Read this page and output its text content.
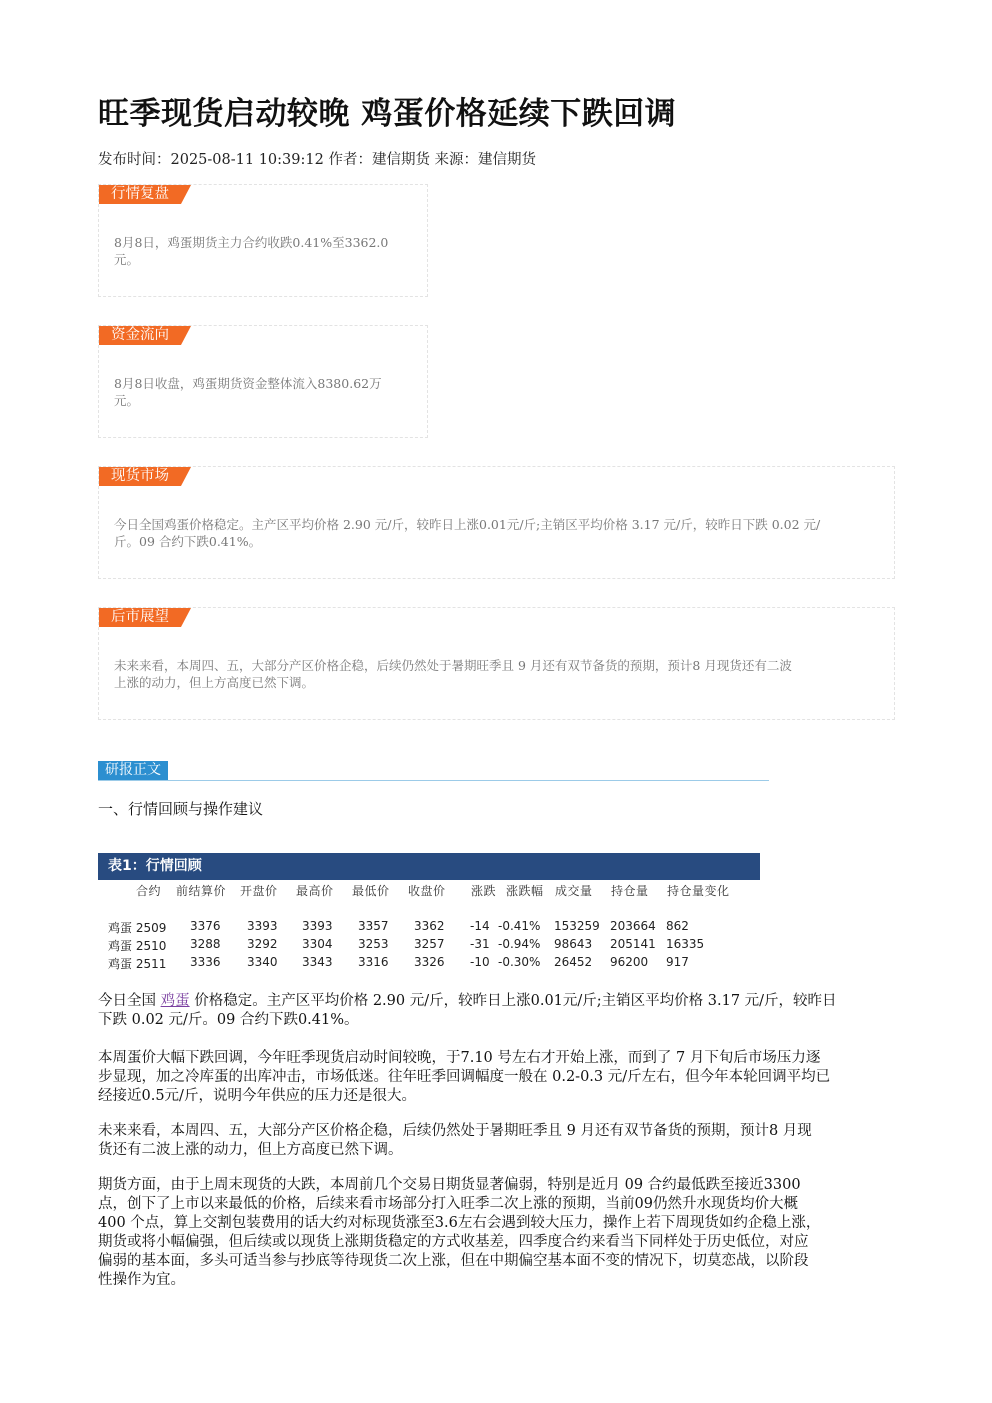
旺季现货启动较晚 鸡蛋价格延续下跌回调
发布时间：2025-08-11 10:39:12 作者：建信期货 来源：建信期货
行情复盘
8月8日，鸡蛋期货主力合约收跌0.41%至3362.0
元。
资金流向
8月8日收盘，鸡蛋期货资金整体流入8380.62万
元。
现货市场
今日全国鸡蛋价格稳定。主产区平均价格 2.90 元/斤，较昨日上涨0.01元/斤;主销区平均价格 3.17 元/斤，较昨日下跌 0.02 元/
斤。09 合约下跌0.41%。
后市展望
未来来看，本周四、五，大部分产区价格企稳，后续仍然处于暑期旺季且 9 月还有双节备货的预期，预计8 月现货还有二波
上涨的动力，但上方高度已然下调。
研报正文
一、行情回顾与操作建议
表1：行情回顾
合约 前结算价 开盘价 最高价 最低价 收盘价 涨跌 涨跌幅 成交量 持仓量 持仓量变化
鸡蛋 2509 3376 3393 3393 3357 3362 -14 -0.41% 153259 203664 862
鸡蛋 2510 3288 3292 3304 3253 3257 -31 -0.94% 98643 205141 16335
鸡蛋 2511 3336 3340 3343 3316 3326 -10 -0.30% 26452 96200 917
今日全国 鸡蛋 价格稳定。主产区平均价格 2.90 元/斤，较昨日上涨0.01元/斤;主销区平均价格 3.17 元/斤，较昨日
下跌 0.02 元/斤。09 合约下跌0.41%。
本周蛋价大幅下跌回调，今年旺季现货启动时间较晚，于7.10 号左右才开始上涨，而到了 7 月下旬后市场压力逐
步显现，加之冷库蛋的出库冲击，市场低迷。往年旺季回调幅度一般在 0.2-0.3 元/斤左右，但今年本轮回调平均已
经接近0.5元/斤，说明今年供应的压力还是很大。
未来来看，本周四、五，大部分产区价格企稳，后续仍然处于暑期旺季且 9 月还有双节备货的预期，预计8 月现
货还有二波上涨的动力，但上方高度已然下调。
期货方面，由于上周末现货的大跌，本周前几个交易日期货显著偏弱，特别是近月 09 合约最低跌至接近3300
点，创下了上市以来最低的价格，后续来看市场部分打入旺季二次上涨的预期，当前09仍然升水现货均价大概
400 个点，算上交割包装费用的话大约对标现货涨至3.6左右会遇到较大压力，操作上若下周现货如约企稳上涨，
期货或将小幅偏强，但后续或以现货上涨期货稳定的方式收基差，四季度合约来看当下同样处于历史低位，对应
偏弱的基本面，多头可适当参与抄底等待现货二次上涨，但在中期偏空基本面不变的情况下，切莫恋战，以阶段
性操作为宜。
